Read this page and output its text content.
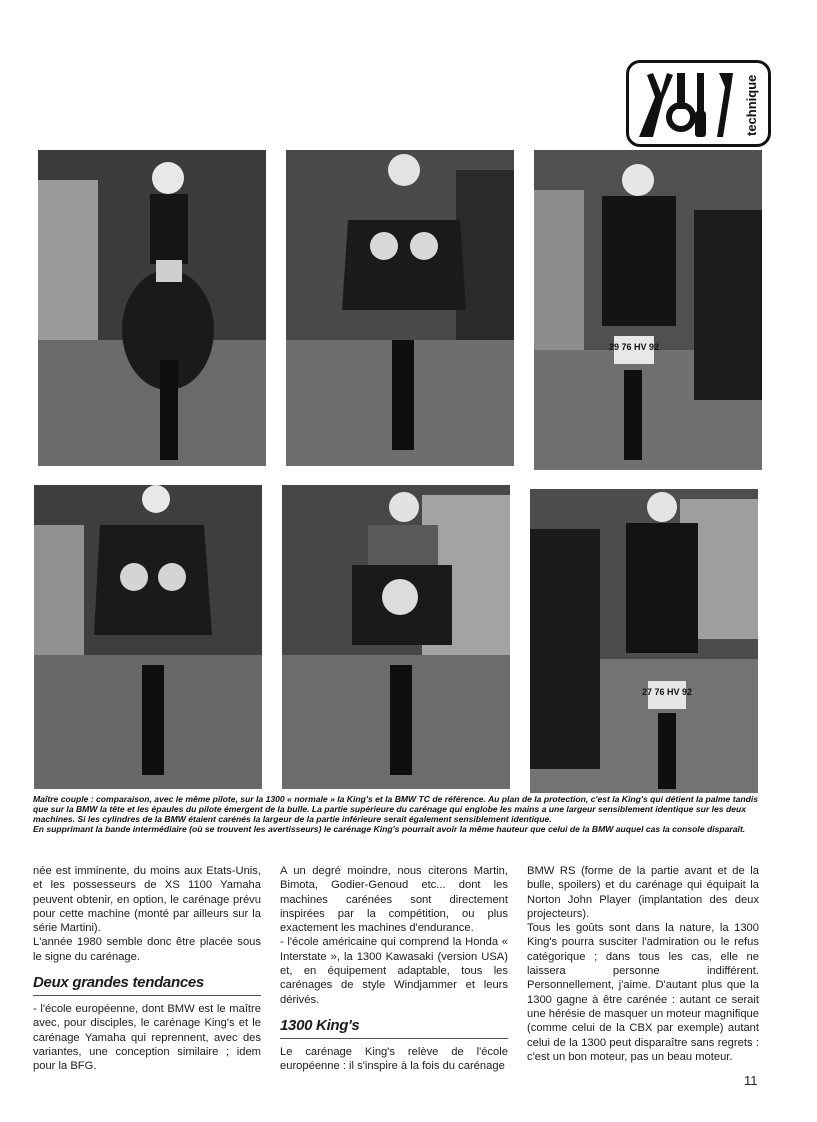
technique
29 76 HV 92
27 76 HV 92

Maître couple : comparaison, avec le même pilote, sur la 1300 « normale » la King's et la BMW TC de référence. Au plan de la protection, c'est la King's qui détient la palme tandis que sur la BMW la tête et les épaules du pilote émergent de la bulle. La partie supérieure du carénage qui englobe les mains a une largeur sensiblement identique sur les deux machines. Si les cylindres de la BMW étaient carénés la largeur de la partie inférieure serait également sensiblement identique.

En supprimant la bande intermédiaire (où se trouvent les avertisseurs) le carénage King's pourrait avoir la même hauteur que celui de la BMW auquel cas la console disparaît.

née est imminente, du moins aux Etats-Unis, et les possesseurs de XS 1100 Yamaha peuvent obtenir, en option, le carénage prévu pour cette machine (monté par ailleurs sur la série Martini).

L'année 1980 semble donc être placée sous le signe du carénage.

Deux grandes tendances

- l'école européenne, dont BMW est le maître avec, pour disciples, le carénage King's et le carénage Yamaha qui reprennent, avec des variantes, une conception similaire ; idem pour la BFG.

A un degré moindre, nous citerons Martin, Bimota, Godier-Genoud etc... dont les machines carénées sont directement inspirées par la compétition, ou plus exactement les machines d'endurance.

- l'école américaine qui comprend la Honda « Interstate », la 1300 Kawasaki (version USA) et, en équipement adaptable, tous les carénages de style Windjammer et leurs dérivés.

1300 King's

Le carénage King's relève de l'école européenne : il s'inspire à la fois du carénage

BMW RS (forme de la partie avant et de la bulle, spoilers) et du carénage qui équipait la Norton John Player (implantation des deux projecteurs).

Tous les goûts sont dans la nature, la 1300 King's pourra susciter l'admiration ou le refus catégorique ; dans tous les cas, elle ne laissera personne indifférent. Personnellement, j'aime. D'autant plus que la 1300 gagne à être carénée : autant ce serait une hérésie de masquer un moteur magnifique (comme celui de la CBX par exemple) autant celui de la 1300 peut disparaître sans regrets : c'est un bon moteur, pas un beau moteur.

11
